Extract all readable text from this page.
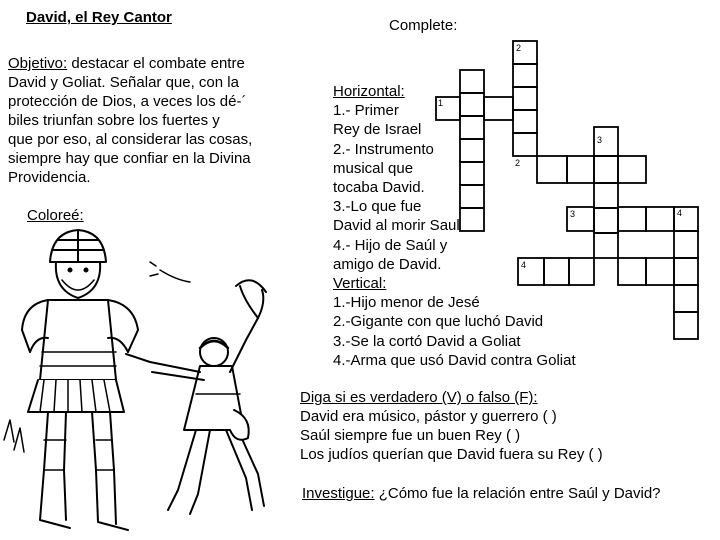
David, el Rey Cantor	Complete:
Objetivo: destacar el combate entre
David y Goliat. Señalar que, con la
protección de Dios, a veces los dé-´
biles triunfan sobre los fuertes y
que por eso, al considerar las cosas,
siempre hay que confiar en la Divina
Providencia.
Coloreé:
Horizontal:
1.- Primer
Rey de Israel
2.- Instrumento
musical que
tocaba David.
3.-Lo que fue
David al morir Saul
4.- Hijo de Saúl y
amigo de David.
Vertical:
1.-Hijo menor de Jesé
2.-Gigante con que luchó David
3.-Se la cortó David a Goliat
4.-Arma que usó David contra Goliat
Diga si es verdadero (V) o falso (F):
David era músico, pástor y guerrero ( )
Saúl siempre fue un buen Rey ( )
Los judíos querían que David fuera su Rey ( )
Investigue: ¿Cómo fue la relación entre Saúl y David?
2
1
3
2
3	4
4
